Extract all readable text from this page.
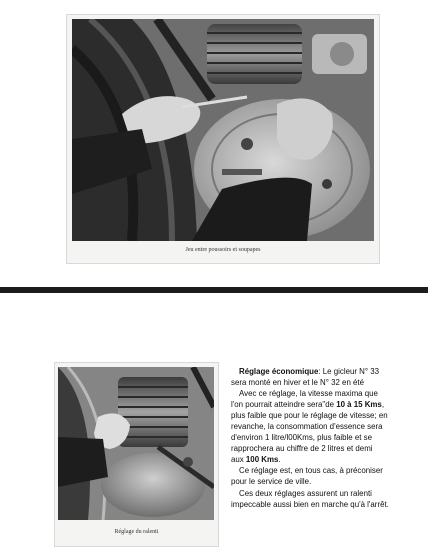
Jeu entre poussoirs et soupapes
Réglage du ralenti

Réglage économique: Le gicleur N° 33

sera monté en hiver et le N° 32 en été

Avec ce réglage, la vitesse maxima que

l'on pourrait atteindre sera"de 10 à 15 Kms,

plus faible que pour le réglage de vitesse; en

revanche, la consommation d'essence sera

d'environ 1 litre/l00Kms, plus faible et se

rapprochera au chiffre de 2 litres et demi

aux 100 Kms.

Ce réglage est, en tous cas, à préconiser

pour le service de ville.

Ces deux réglages assurent un ralenti

impeccable aussi bien en marche qu'à l'arrêt.
